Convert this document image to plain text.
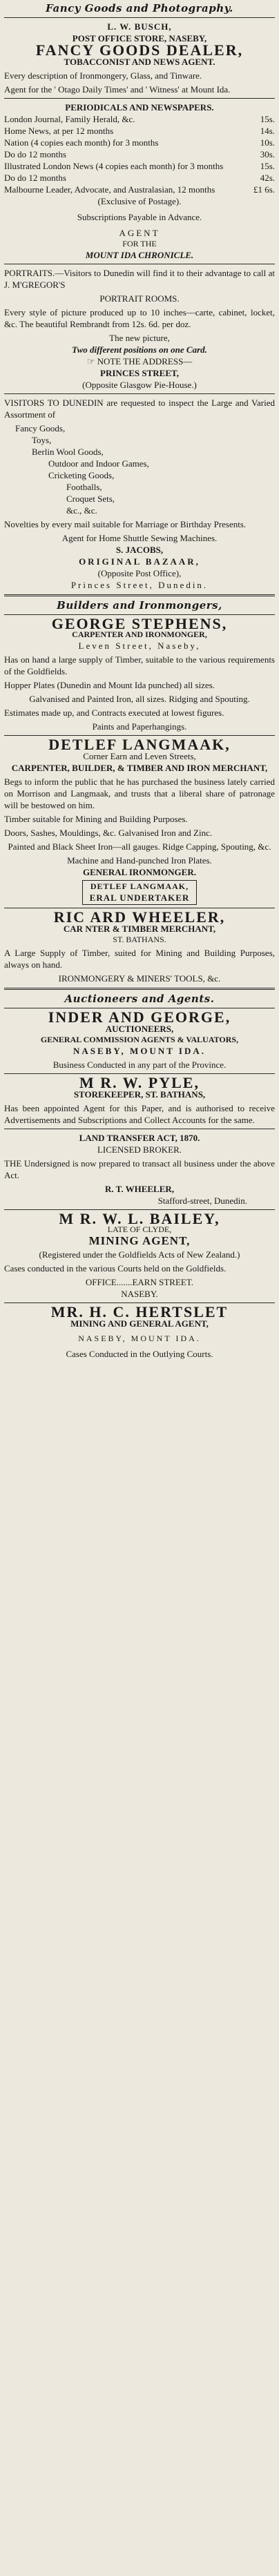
Fancy Goods and Photography.
L. W. BUSCH,
POST OFFICE STORE, NASEBY,
FANCY GOODS DEALER,
TOBACCONIST AND NEWS AGENT.
Every description of Ironmongery, Glass, and Tinware.
Agent for the ' Otago Daily Times' and ' Witness' at Mount Ida.
PERIODICALS AND NEWSPAPERS.
London Journal, Family Herald, &c.	15s.
Home News, at per 12 months	14s.
Nation (4 copies each month) for 3 months	10s.
Do do 12 months	30s.
Illustrated London News (4 copies each month) for 3 months	15s.
Do do 12 months	42s.
Malbourne Leader, Advocate, and Australasian, 12 months	£1 6s.
(Exclusive of Postage).
Subscriptions Payable in Advance.
AGENT
FOR THE
MOUNT IDA CHRONICLE.
PORTRAITS.—Visitors to Dunedin will find it to their advantage to call at J. M'GREGOR'S
PORTRAIT ROOMS.
Every style of picture produced up to 10 inches—carte, cabinet, locket, &c. The beautiful Rembrandt from 12s. 6d. per doz.
The new picture,
Two different positions on one Card.
☞ NOTE THE ADDRESS—
PRINCES STREET,
(Opposite Glasgow Pie-House.)
VISITORS TO DUNEDIN are requested to inspect the Large and Varied Assortment of
Fancy Goods,
Toys,
Berlin Wool Goods,
Outdoor and Indoor Games,
Cricketing Goods,
Footballs,
Croquet Sets,
&c., &c.
Novelties by every mail suitable for Marriage or Birthday Presents.
Agent for Home Shuttle Sewing Machines.
S. JACOBS,
ORIGINAL BAZAAR,
(Opposite Post Office),
Princes Street, Dunedin.
Builders and Ironmongers,
GEORGE STEPHENS,
CARPENTER AND IRONMONGER,
Leven Street, Naseby,
Has on hand a large supply of Timber, suitable to the various requirements of the Goldfields.
Hopper Plates (Dunedin and Mount Ida punched) all sizes.
Galvanised and Painted Iron, all sizes. Ridging and Spouting.
Estimates made up, and Contracts executed at lowest figures.
Paints and Paperhangings.
DETLEF LANGMAAK,
Corner Earn and Leven Streets,
CARPENTER, BUILDER, & TIMBER AND IRON MERCHANT,
Begs to inform the public that he has purchased the business lately carried on Morrison and Langmaak, and trusts that a liberal share of patronage will be bestowed on him.
Timber suitable for Mining and Building Purposes.
Doors, Sashes, Mouldings, &c. Galvanised Iron and Zinc.
Painted and Black Sheet Iron—all gauges. Ridge Capping, Spouting, &c.
Machine and Hand-punched Iron Plates.
GENERAL IRONMONGER.
DETLEF LANGMAAK,
ERAL UNDERTAKER
RIC ARD WHEELER,
CAR NTER & TIMBER MERCHANT,
ST. BATHANS.
A Large Supply of Timber, suited for Mining and Building Purposes, always on hand.
IRONMONGERY & MINERS' TOOLS, &c.
Auctioneers and Agents.
INDER AND GEORGE,
AUCTIONEERS,
GENERAL COMMISSION AGENTS & VALUATORS,
NASEBY, MOUNT IDA.
Business Conducted in any part of the Province.
M R. W. PYLE,
STOREKEEPER, ST. BATHANS,
Has been appointed Agent for this Paper, and is authorised to receive Advertisements and Subscriptions and Collect Accounts for the same.
LAND TRANSFER ACT, 1870.
LICENSED BROKER.
THE Undersigned is now prepared to transact all business under the above Act.
R. T. WHEELER,
Stafford-street, Dunedin.
M R. W. L. BAILEY,
LATE OF CLYDE,
MINING AGENT,
(Registered under the Goldfields Acts of New Zealand.)
Cases conducted in the various Courts held on the Goldfields.
OFFICE.......EARN STREET.
NASEBY.
MR. H. C. HERTSLET
MINING AND GENERAL AGENT,
NASEBY, MOUNT IDA.
Cases Conducted in the Outlying Courts.
